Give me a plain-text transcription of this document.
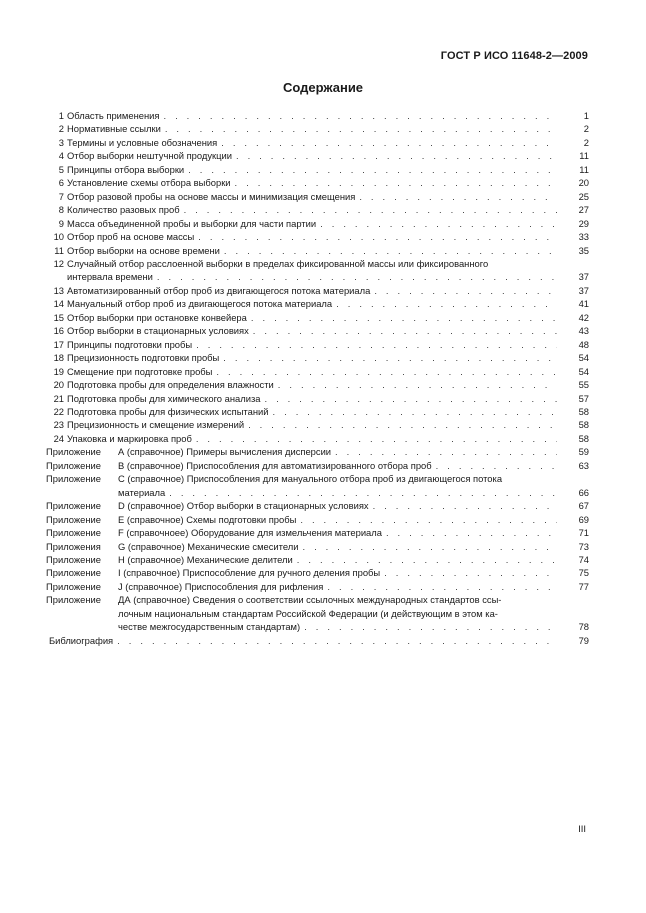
ГОСТ Р ИСО 11648-2—2009
Содержание
1 Область применения . . .	1
2 Нормативные ссылки . . .	2
3 Термины и условные обозначения . . .	2
4 Отбор выборки нештучной продукции . . .	11
5 Принципы отбора выборки . . .	11
6 Установление схемы отбора выборки . . .	20
7 Отбор разовой пробы на основе массы и минимизация смещения . . .	25
8 Количество разовых проб . . .	27
9 Масса объединенной пробы и выборки для части партии . . .	29
10 Отбор проб на основе массы . . .	33
11 Отбор выборки на основе времени . . .	35
12 Случайный отбор расслоенной выборки в пределах фиксированной массы или фиксированного
интервала времени . . .	37
13 Автоматизированный отбор проб из двигающегося потока материала . . .	37
14 Мануальный отбор проб из двигающегося потока материала . . .	41
15 Отбор выборки при остановке конвейера . . .	42
16 Отбор выборки в стационарных условиях . . .	43
17 Принципы подготовки пробы . . .	48
18 Прецизионность подготовки пробы . . .	54
19 Смещение при подготовке пробы . . .	54
20 Подготовка пробы для определения влажности . . .	55
21 Подготовка пробы для химического анализа . . .	57
22 Подготовка пробы для физических испытаний . . .	58
23 Прецизионность и смещение измерений . . .	58
24 Упаковка и маркировка проб . . .	58
Приложение	А (справочное) Примеры вычисления дисперсии . . .	59
Приложение	В (справочное) Приспособления для автоматизированного отбора проб . . .	63
Приложение	С (справочное) Приспособления для мануального отбора проб из двигающегося потока
материала . . .	66
Приложение	D (справочное) Отбор выборки в стационарных условиях . . .	67
Приложение	Е (справочное) Схемы подготовки пробы . . .	69
Приложение	F (справочноее) Оборудование для измельчения материала . . .	71
Приложения	G (справочное) Механические смесители . . .	73
Приложение	Н (справочное) Механические делители . . .	74
Приложение	I (справочное) Приспособление для ручного деления пробы . . .	75
Приложение	J (справочное) Приспособления для рифления . . .	77
Приложение	ДА (справочное) Сведения о соответствии ссылочных международных стандартов ссы-
лочным национальным стандартам Российской Федерации (и действующим в этом ка-
честве межгосударственным стандартам) . . .	78
Библиография . . .	79
III
